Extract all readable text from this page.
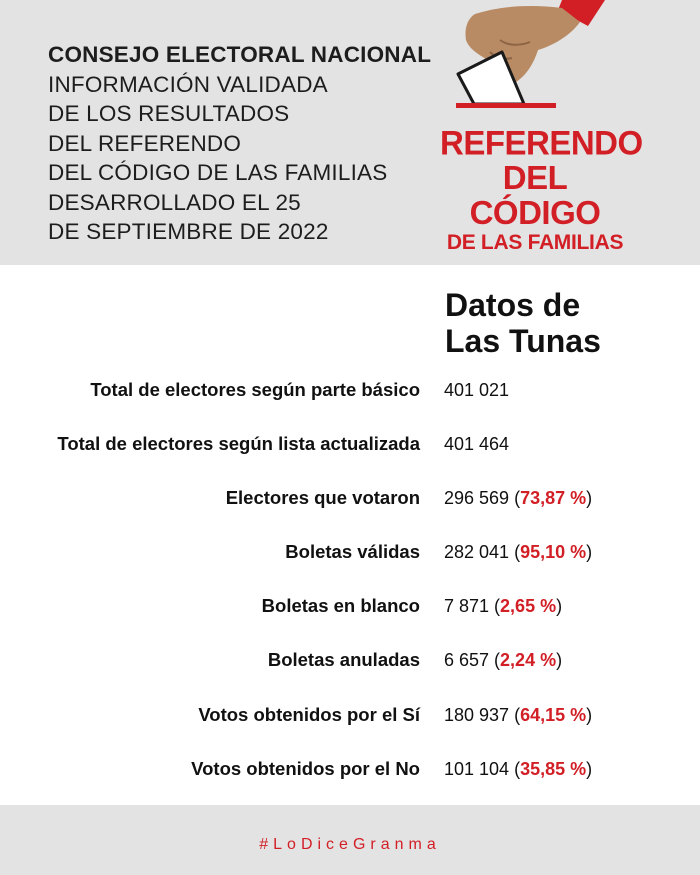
CONSEJO ELECTORAL NACIONAL
INFORMACIÓN VALIDADA
DE LOS RESULTADOS
DEL REFERENDO
DEL CÓDIGO DE LAS FAMILIAS
DESARROLLADO EL 25
DE SEPTIEMBRE DE 2022
REFERENDO
DEL CÓDIGO
DE LAS FAMILIAS
Datos de
Las Tunas
Total de electores según parte básico 401 021
Total de electores según lista actualizada 401 464
Electores que votaron 296 569 (73,87 %)
Boletas válidas 282 041 (95,10 %)
Boletas en blanco 7 871 (2,65 %)
Boletas anuladas 6 657 (2,24 %)
Votos obtenidos por el Sí 180 937 (64,15 %)
Votos obtenidos por el No 101 104 (35,85 %)
#LoDiceGranma
